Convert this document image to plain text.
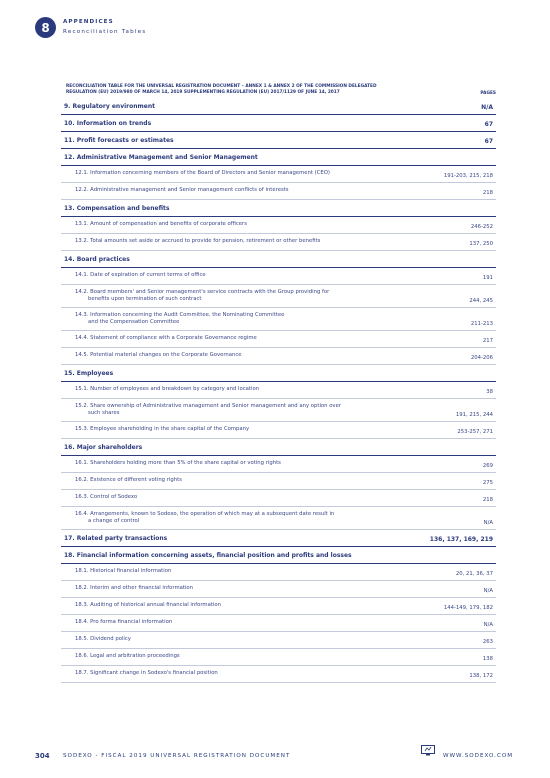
8	APPENDICES
Reconciliation Tables
RECONCILIATION TABLE FOR THE UNIVERSAL REGISTRATION DOCUMENT – ANNEX 1 & ANNEX 2 OF THE COMMISSION DELEGATED REGULATION (EU) 2019/980 OF MARCH 14, 2019 SUPPLEMENTING REGULATION (EU) 2017/1129 OF JUNE 14, 2017	PAGES
9. Regulatory environment	N/A
10. Information on trends	67
11. Profit forecasts or estimates	67
12. Administrative Management and Senior Management
12.1. Information concerning members of the Board of Directors and Senior management (CEO)	191-203, 215, 218
12.2. Administrative management and Senior management conflicts of interests	218
13. Compensation and benefits
13.1. Amount of compensation and benefits of corporate officers	246-252
13.2. Total amounts set aside or accrued to provide for pension, retirement or other benefits	137, 250
14. Board practices
14.1. Date of expiration of current terms of office	191
14.2. Board members' and Senior management's service contracts with the Group providing for
benefits upon termination of such contract	244, 245
14.3. Information concerning the Audit Committee, the Nominating Committee
and the Compensation Committee	211-213
14.4. Statement of compliance with a Corporate Governance regime	217
14.5. Potential material changes on the Corporate Governance	204-206
15. Employees
15.1. Number of employees and breakdown by category and location	38
15.2. Share ownership of Administrative management and Senior management and any option over
such shares	191, 215, 244
15.3. Employee shareholding in the share capital of the Company	253-257, 271
16. Major shareholders
16.1. Shareholders holding more than 5% of the share capital or voting rights	269
16.2. Existence of different voting rights	275
16.3. Control of Sodexo	218
16.4. Arrangements, known to Sodexo, the operation of which may at a subsequent date result in
a change of control	N/A
17. Related party transactions	136, 137, 169, 219
18. Financial information concerning assets, financial position and profits and losses
18.1. Historical financial information	20, 21, 36, 37
18.2. Interim and other financial information	N/A
18.3. Auditing of historical annual financial information	144-149, 179, 182
18.4. Pro forma financial information	N/A
18.5. Dividend policy	263
18.6. Legal and arbitration proceedings	138
18.7. Significant change in Sodexo's financial position	138, 172
304 SODEXO - FISCAL 2019 UNIVERSAL REGISTRATION DOCUMENT	WWW.SODEXO.COM
